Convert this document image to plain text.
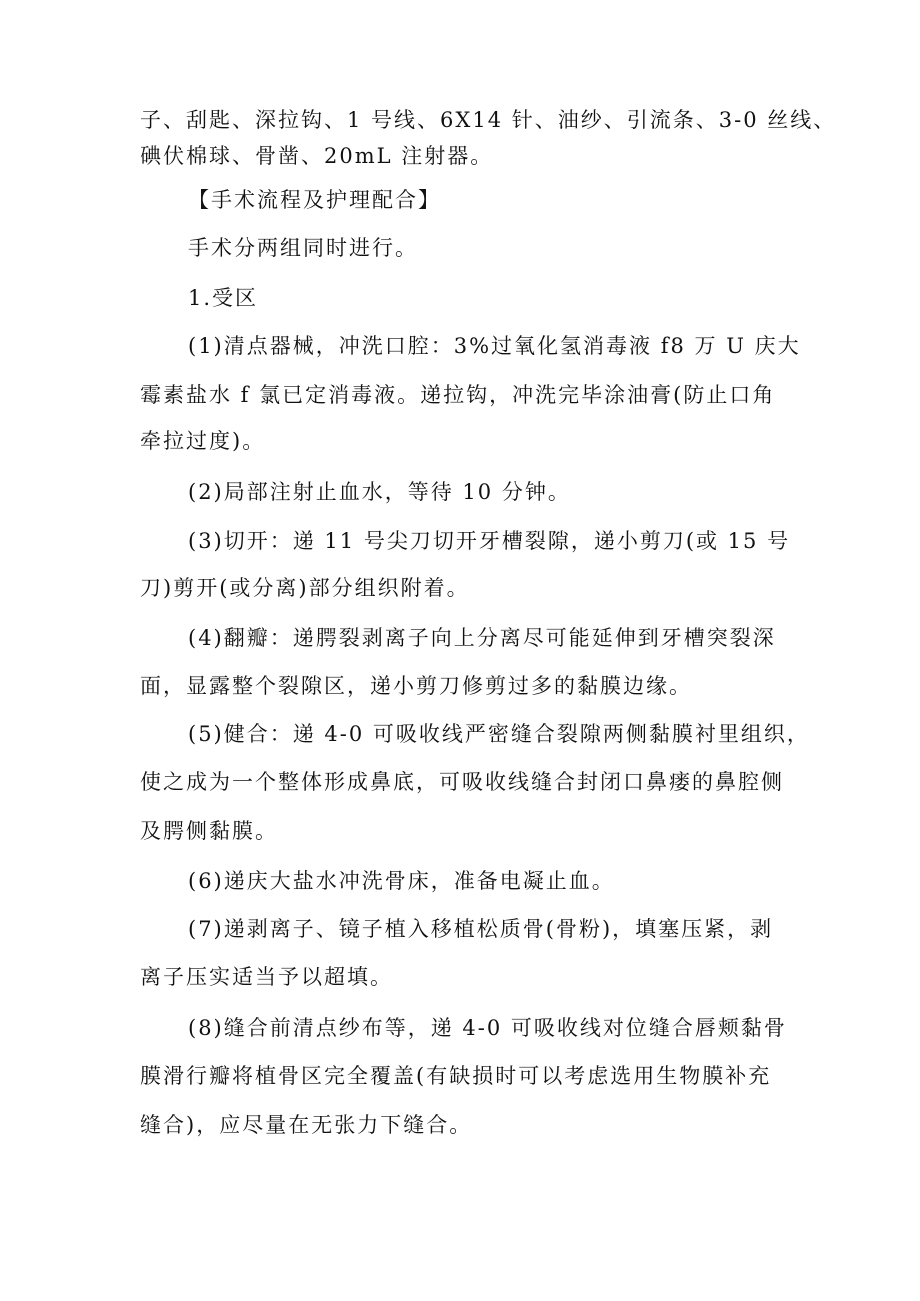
子、刮匙、深拉钩、1 号线、6X14 针、油纱、引流条、3-0 丝线、
碘伏棉球、骨凿、20mL 注射器。
【手术流程及护理配合】
手术分两组同时进行。
1.受区
(1)清点器械，冲洗口腔：3%过氧化氢消毒液 f8 万 U 庆大
霉素盐水 f 氯已定消毒液。递拉钩，冲洗完毕涂油膏(防止口角
牵拉过度)。
(2)局部注射止血水，等待 10 分钟。
(3)切开：递 11 号尖刀切开牙槽裂隙，递小剪刀(或 15 号
刀)剪开(或分离)部分组织附着。
(4)翻瓣：递腭裂剥离子向上分离尽可能延伸到牙槽突裂深
面，显露整个裂隙区，递小剪刀修剪过多的黏膜边缘。
(5)健合：递 4-0 可吸收线严密缝合裂隙两侧黏膜衬里组织，
使之成为一个整体形成鼻底，可吸收线缝合封闭口鼻瘘的鼻腔侧
及腭侧黏膜。
(6)递庆大盐水冲洗骨床，准备电凝止血。
(7)递剥离子、镜子植入移植松质骨(骨粉)，填塞压紧，剥
离子压实适当予以超填。
(8)缝合前清点纱布等，递 4-0 可吸收线对位缝合唇颊黏骨
膜滑行瓣将植骨区完全覆盖(有缺损时可以考虑选用生物膜补充
缝合)，应尽量在无张力下缝合。
